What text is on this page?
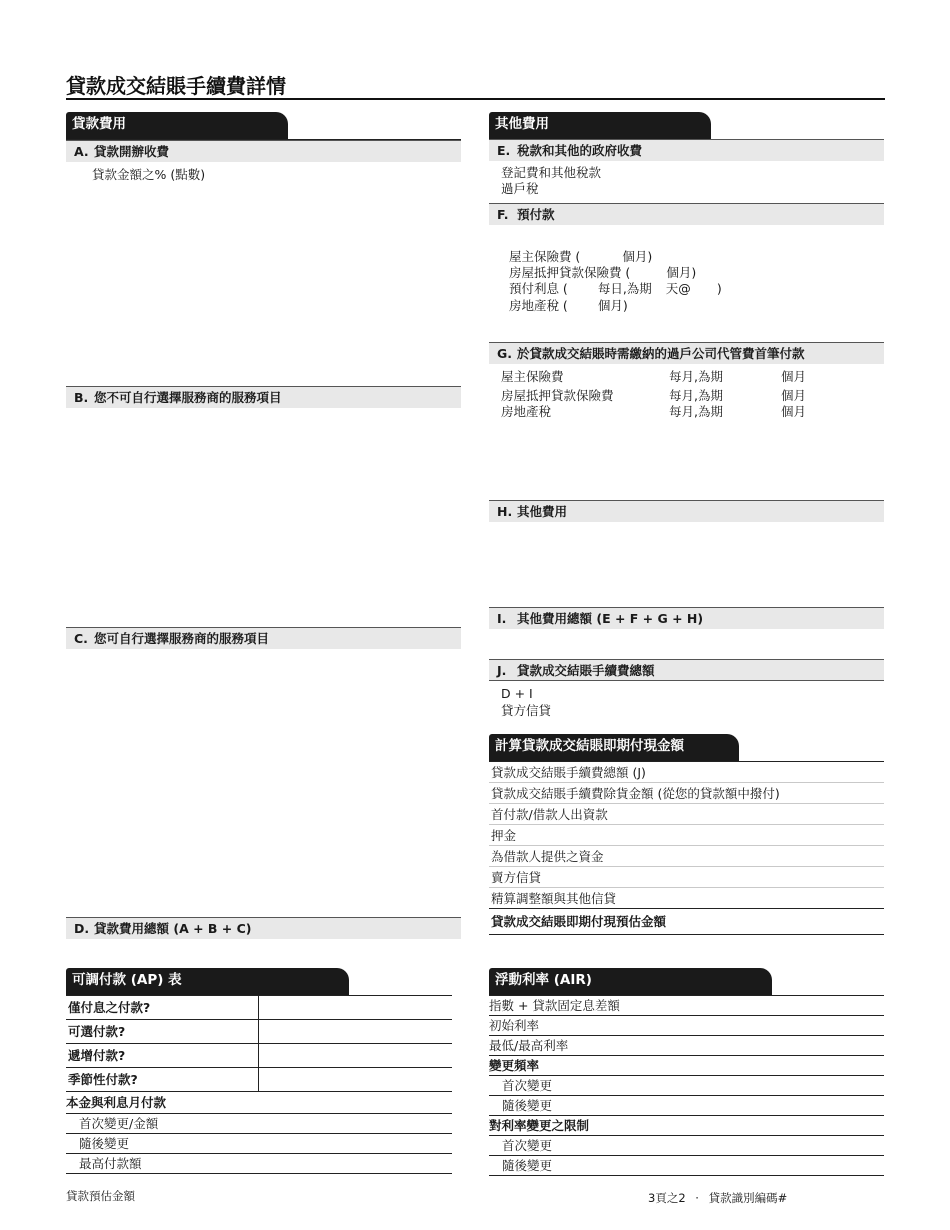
貸款成交結賬手續費詳情
貸款費用
A. 貸款開辦收費
貸款金額之% (點數)
B. 您不可自行選擇服務商的服務項目
C. 您可自行選擇服務商的服務項目
D. 貸款費用總額 (A + B + C)
其他費用
E. 稅款和其他的政府收費
登記費和其他稅款
過戶稅
F. 預付款

屋主保險費 (	個月)

房屋抵押貸款保險費 (	個月)

預付利息 ( 每日,為期 天@ )

房地產稅 ( 個月)

G. 於貸款成交結賬時需繳納的過戶公司代管費首筆付款
屋主保險費	每月,為期	個月
房屋抵押貸款保險費	每月,為期	個月
房地產稅	每月,為期	個月
H. 其他費用
I. 其他費用總額 (E + F + G + H)
J. 貸款成交結賬手續費總額
D + I
貸方信貸
計算貸款成交結賬即期付現金額
貸款成交結賬手續費總額 (J)
貸款成交結賬手續費除貨金額 (從您的貸款額中撥付)
首付款/借款人出資款
押金
為借款人提供之資金
賣方信貸
精算調整額與其他信貸
貸款成交結賬即期付現預估金額
可調付款 (AP) 表
僅付息之付款?
可選付款?
遞增付款?
季節性付款?
本金與利息月付款
首次變更/金額
隨後變更
最高付款額
浮動利率 (AIR)
指數 + 貸款固定息差額
初始利率
最低/最高利率
變更頻率
首次變更
隨後變更
對利率變更之限制
首次變更
隨後變更
貸款預估金額	3頁之2 · 貸款識別編碼#
